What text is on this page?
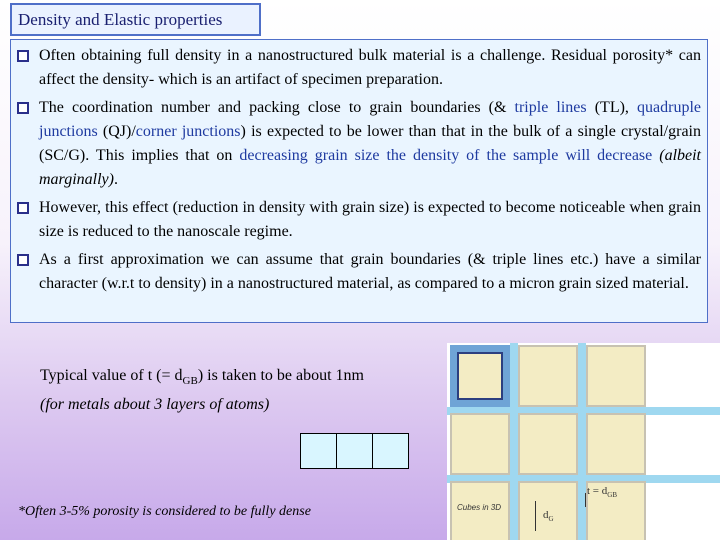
Density and Elastic properties
Often obtaining full density in a nanostructured bulk material is a challenge. Residual porosity* can affect the density- which is an artifact of specimen preparation.
The coordination number and packing close to grain boundaries (& triple lines (TL), quadruple junctions (QJ)/corner junctions) is expected to be lower than that in the bulk of a single crystal/grain (SC/G). This implies that on decreasing grain size the density of the sample will decrease (albeit marginally).
However, this effect (reduction in density with grain size) is expected to become noticeable when grain size is reduced to the nanoscale regime.
As a first approximation we can assume that grain boundaries (& triple lines etc.) have a similar character (w.r.t to density) in a nanostructured material, as compared to a micron grain sized material.
Typical value of t (= $d_{GB}$) is taken to be about 1nm
(for metals about 3 layers of atoms)
*Often 3-5% porosity is considered to be fully dense	Cubes in 3D
$t = d_{GB}$
$d_G$
